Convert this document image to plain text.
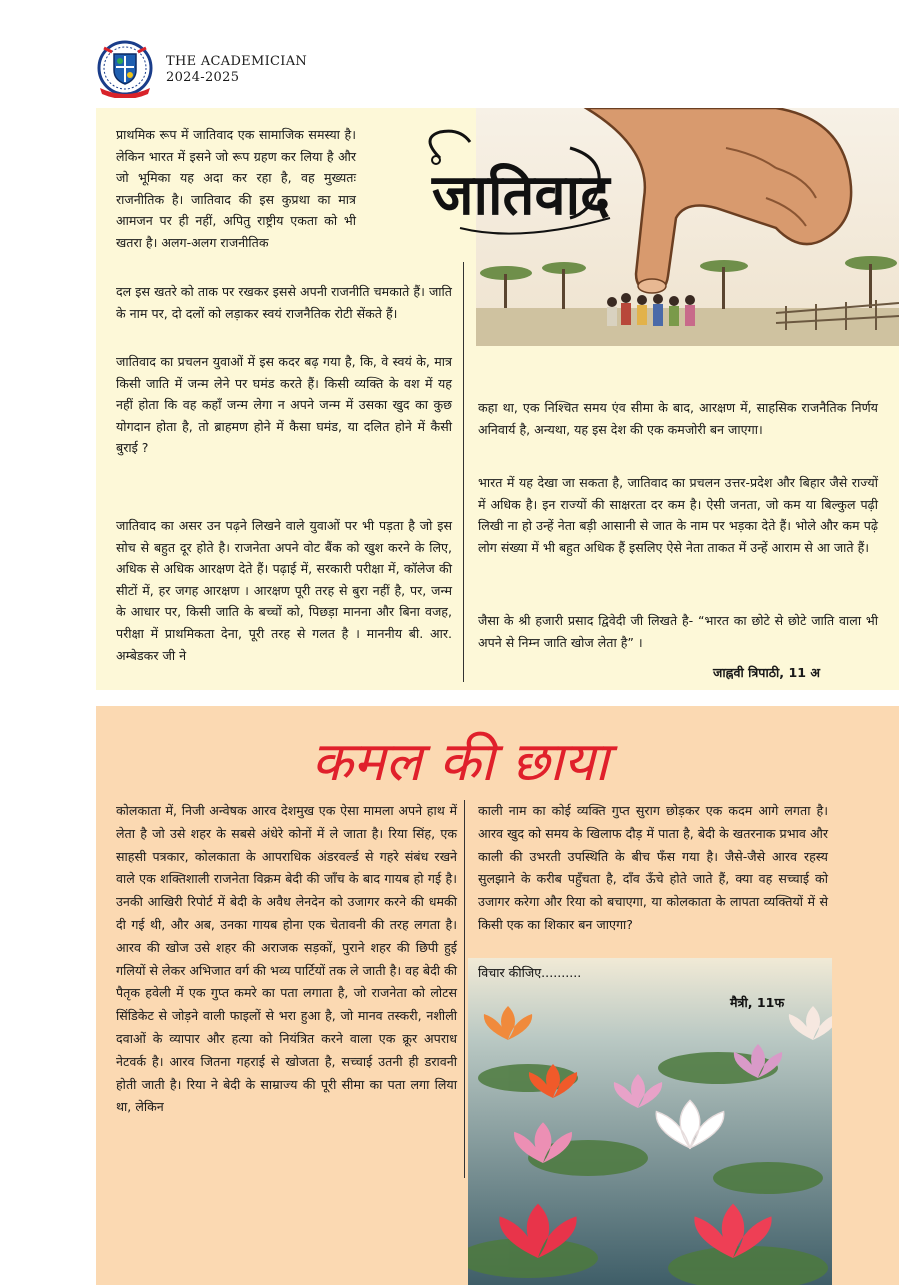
THE ACADEMICIAN
2024-2025
जातिवाद

प्राथमिक रूप में जातिवाद एक सामाजिक समस्या है। लेकिन भारत में इसने जो रूप ग्रहण कर लिया है और जो भूमिका यह अदा कर रहा है, वह मुख्यतः राजनीतिक है। जातिवाद की इस कुप्रथा का मात्र आमजन पर ही नहीं, अपितु राष्ट्रीय एकता को भी खतरा है। अलग-अलग राजनीतिक

दल इस खतरे को ताक पर रखकर इससे अपनी राजनीति चमकाते हैं। जाति के नाम पर, दो दलों को लड़ाकर स्वयं राजनैतिक रोटी सेंकते हैं।

जातिवाद का प्रचलन युवाओं में इस कदर बढ़ गया है, कि, वे स्वयं के, मात्र किसी जाति में जन्म लेने पर घमंड करते हैं। किसी व्यक्ति के वश में यह नहीं होता कि वह कहाँ जन्म लेगा न अपने जन्म में उसका खुद का कुछ योगदान होता है, तो ब्राहमण होने में कैसा घमंड, या दलित होने में कैसी बुराई ?

जातिवाद का असर उन पढ़ने लिखने वाले युवाओं पर भी पड़ता है जो इस सोच से बहुत दूर होते है। राजनेता अपने वोट बैंक को खुश करने के लिए, अधिक से अधिक आरक्षण देते हैं। पढ़ाई में, सरकारी परीक्षा में, कॉलेज की सीटों में, हर जगह आरक्षण । आरक्षण पूरी तरह से बुरा नहीं है, पर, जन्म के आधार पर, किसी जाति के बच्चों को, पिछड़ा मानना और बिना वजह, परीक्षा में प्राथमिकता देना, पूरी तरह से गलत है । माननीय बी. आर. अम्बेडकर जी ने

कहा था, एक निश्चित समय एंव सीमा के बाद, आरक्षण में, साहसिक राजनैतिक निर्णय अनिवार्य है, अन्यथा, यह इस देश की एक कमजोरी बन जाएगा।

भारत में यह देखा जा सकता है, जातिवाद का प्रचलन उत्तर-प्रदेश और बिहार जैसे राज्यों में अधिक है। इन राज्यों की साक्षरता दर कम है। ऐसी जनता, जो कम या बिल्कुल पढ़ी लिखी ना हो उन्हें नेता बड़ी आसानी से जात के नाम पर भड़का देते हैं। भोले और कम पढ़े लोग संख्या में भी बहुत अधिक हैं इसलिए ऐसे नेता ताकत में उन्हें आराम से आ जाते हैं।

जैसा के श्री हजारी प्रसाद द्विवेदी जी लिखते है- “भारत का छोटे से छोटे जाति वाला भी अपने से निम्न जाति खोज लेता है” ।

जाह्नवी त्रिपाठी, 11 अ
कमल की छाया

कोलकाता में, निजी अन्वेषक आरव देशमुख एक ऐसा मामला अपने हाथ में लेता है जो उसे शहर के सबसे अंधेरे कोनों में ले जाता है। रिया सिंह, एक साहसी पत्रकार, कोलकाता के आपराधिक अंडरवर्ल्ड से गहरे संबंध रखने वाले एक शक्तिशाली राजनेता विक्रम बेदी की जाँच के बाद गायब हो गई है। उनकी आखिरी रिपोर्ट में बेदी के अवैध लेनदेन को उजागर करने की धमकी दी गई थी, और अब, उनका गायब होना एक चेतावनी की तरह लगता है। आरव की खोज उसे शहर की अराजक सड़कों, पुराने शहर की छिपी हुई गलियों से लेकर अभिजात वर्ग की भव्य पार्टियों तक ले जाती है। वह बेदी की पैतृक हवेली में एक गुप्त कमरे का पता लगाता है, जो राजनेता को लोटस सिंडिकेट से जोड़ने वाली फाइलों से भरा हुआ है, जो मानव तस्करी, नशीली दवाओं के व्यापार और हत्या को नियंत्रित करने वाला एक क्रूर अपराध नेटवर्क है। आरव जितना गहराई से खोजता है, सच्चाई उतनी ही डरावनी होती जाती है। रिया ने बेदी के साम्राज्य की पूरी सीमा का पता लगा लिया था, लेकिन

काली नाम का कोई व्यक्ति गुप्त सुराग छोड़कर एक कदम आगे लगता है। आरव खुद को समय के खिलाफ दौड़ में पाता है, बेदी के खतरनाक प्रभाव और काली की उभरती उपस्थिति के बीच फँस गया है। जैसे-जैसे आरव रहस्य सुलझाने के करीब पहुँचता है, दाँव ऊँचे होते जाते हैं, क्या वह सच्चाई को उजागर करेगा और रिया को बचाएगा, या कोलकाता के लापता व्यक्तियों में से किसी एक का शिकार बन जाएगा?

विचार कीजिए..........
मैत्री, 11फ
